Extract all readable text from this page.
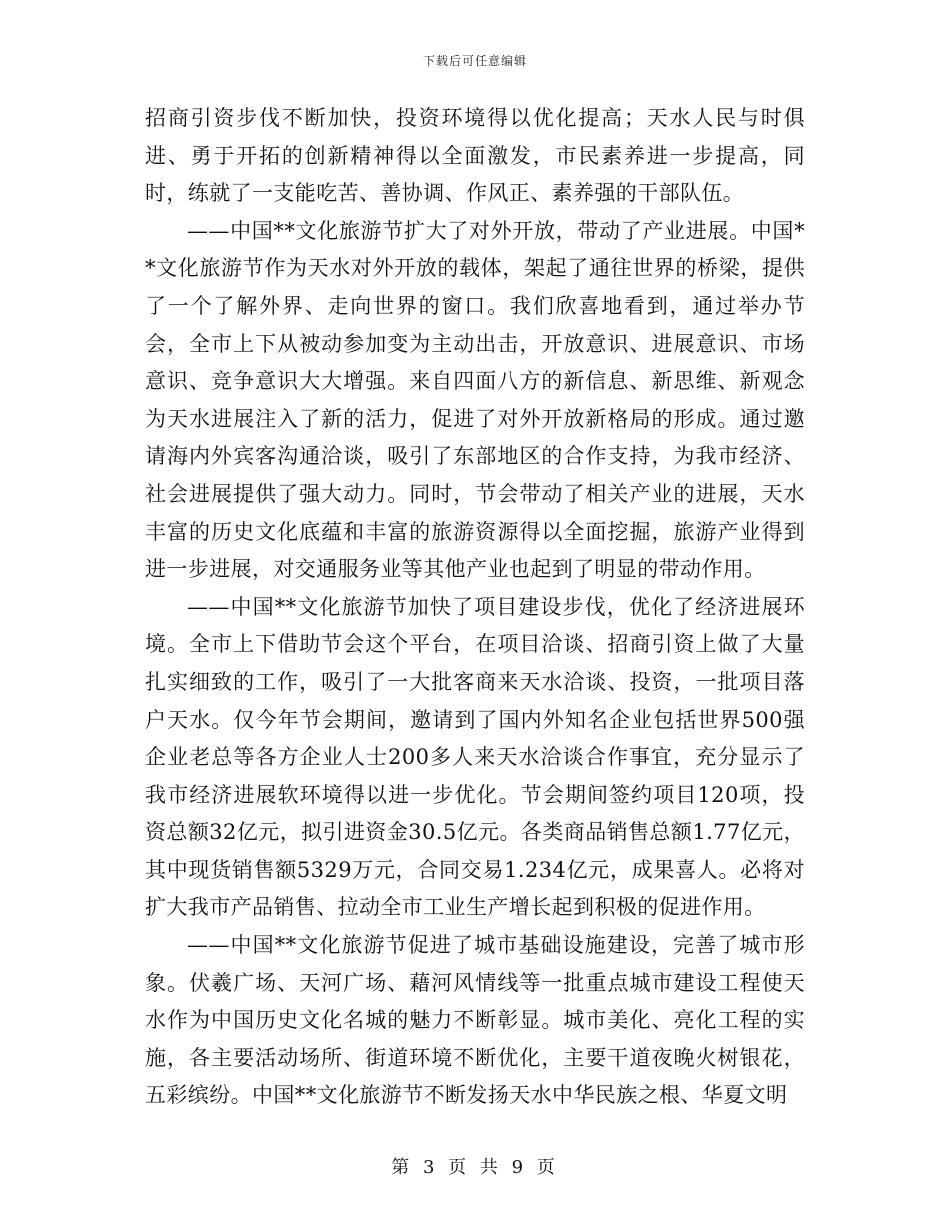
下载后可任意编辑

招商引资步伐不断加快，投资环境得以优化提高；天水人民与时俱进、勇于开拓的创新精神得以全面激发，市民素养进一步提高，同时，练就了一支能吃苦、善协调、作风正、素养强的干部队伍。

——中国**文化旅游节扩大了对外开放，带动了产业进展。中国**文化旅游节作为天水对外开放的载体，架起了通往世界的桥梁，提供了一个了解外界、走向世界的窗口。我们欣喜地看到，通过举办节会，全市上下从被动参加变为主动出击，开放意识、进展意识、市场意识、竞争意识大大增强。来自四面八方的新信息、新思维、新观念为天水进展注入了新的活力，促进了对外开放新格局的形成。通过邀请海内外宾客沟通洽谈，吸引了东部地区的合作支持，为我市经济、社会进展提供了强大动力。同时，节会带动了相关产业的进展，天水丰富的历史文化底蕴和丰富的旅游资源得以全面挖掘，旅游产业得到进一步进展，对交通服务业等其他产业也起到了明显的带动作用。

——中国**文化旅游节加快了项目建设步伐，优化了经济进展环境。全市上下借助节会这个平台，在项目洽谈、招商引资上做了大量扎实细致的工作，吸引了一大批客商来天水洽谈、投资，一批项目落户天水。仅今年节会期间，邀请到了国内外知名企业包括世界500强企业老总等各方企业人士200多人来天水洽谈合作事宜，充分显示了我市经济进展软环境得以进一步优化。节会期间签约项目120项，投资总额32亿元，拟引进资金30.5亿元。各类商品销售总额1.77亿元，其中现货销售额5329万元，合同交易1.234亿元，成果喜人。必将对扩大我市产品销售、拉动全市工业生产增长起到积极的促进作用。

——中国**文化旅游节促进了城市基础设施建设，完善了城市形象。伏羲广场、天河广场、藉河风情线等一批重点城市建设工程使天水作为中国历史文化名城的魅力不断彰显。城市美化、亮化工程的实施，各主要活动场所、街道环境不断优化，主要干道夜晚火树银花，五彩缤纷。中国**文化旅游节不断发扬天水中华民族之根、华夏文明

第 3 页 共 9 页
